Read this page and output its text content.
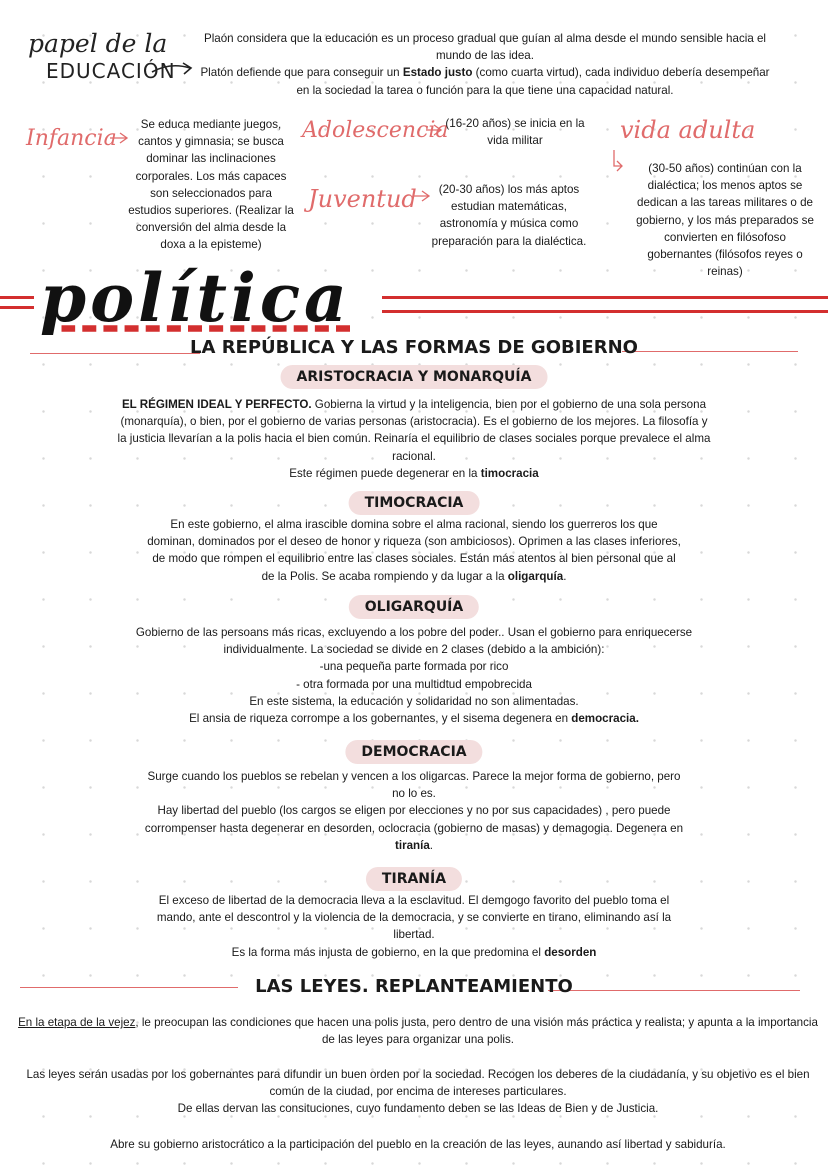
papel de la
EDUCACIÓN
Plaón considera que la educación es un proceso gradual que guían al alma desde el mundo sensible hacia el mundo de las idea.
Platón defiende que para conseguir un Estado justo (como cuarta virtud), cada individuo debería desempeñar en la sociedad la tarea o función para la que tiene una capacidad natural.
Infancia
Se educa mediante juegos, cantos y gimnasia; se busca dominar las inclinaciones corporales. Los más capaces son seleccionados para estudios superiores. (Realizar la conversión del alma desde la doxa a la episteme)
Adolescencia
(16-20 años) se inicia en la vida militar
Juventud	(20-30 años) los más aptos estudian matemáticas, astronomía y música como preparación para la dialéctica.
vida adulta
(30-50 años) continúan con la dialéctica; los menos aptos se dedican a las tareas militares o de gobierno, y los más preparados se convierten en filósofoso gobernantes (filósofos reyes o reinas)
política
LA REPÚBLICA Y LAS FORMAS DE GOBIERNO
ARISTOCRACIA Y MONARQUÍA
EL RÉGIMEN IDEAL Y PERFECTO. Gobierna la virtud y la inteligencia, bien por el gobierno de una sola persona (monarquía), o bien, por el gobierno de varias personas (aristocracia). Es el gobierno de los mejores. La filosofía y la justicia llevarían a la polis hacia el bien común. Reinaría el equilibrio de clases sociales porque prevalece el alma racional.
Este régimen puede degenerar en la timocracia
TIMOCRACIA
En este gobierno, el alma irascible domina sobre el alma racional, siendo los guerreros los que dominan, dominados por el deseo de honor y riqueza (son ambiciosos). Oprimen a las clases inferiores, de modo que rompen el equilibrio entre las clases sociales. Están más atentos al bien personal que al de la Polis. Se acaba rompiendo y da lugar a la oligarquía.
OLIGARQUÍA
Gobierno de las persoans más ricas, excluyendo a los pobre del poder.. Usan el gobierno para enriquecerse individualmente. La sociedad se divide en 2 clases (debido a la ambición):
-una pequeña parte formada por rico
- otra formada por una multidtud empobrecida
En este sistema, la educación y solidaridad no son alimentadas.
El ansia de riqueza corrompe a los gobernantes, y el sisema degenera en democracia.
DEMOCRACIA
Surge cuando los pueblos se rebelan y vencen a los oligarcas. Parece la mejor forma de gobierno, pero no lo es.
Hay libertad del pueblo (los cargos se eligen por elecciones y no por sus capacidades) , pero puede corrompenser hasta degenerar en desorden, oclocracia (gobierno de masas) y demagogia. Degenera en tiranía.
TIRANÍA
El exceso de libertad de la democracia lleva a la esclavitud. El demgogo favorito del pueblo toma el mando, ante el descontrol y la violencia de la democracia, y se convierte en tirano, eliminando así la libertad.
Es la forma más injusta de gobierno, en la que predomina el desorden
LAS LEYES. REPLANTEAMIENTO
En la etapa de la vejez, le preocupan las condiciones que hacen una polis justa, pero dentro de una visión más práctica y realista; y apunta a la importancia de las leyes para organizar una polis.
Las leyes serán usadas por los gobernantes para difundir un buen orden por la sociedad. Recogen los deberes de la ciudadanía, y su objetivo es el bien común de la ciudad, por encima de intereses particulares.
De ellas dervan las consituciones, cuyo fundamento deben se las Ideas de Bien y de Justicia.
Abre su gobierno aristocrático a la participación del pueblo en la creación de las leyes, aunando así libertad y sabiduría.
